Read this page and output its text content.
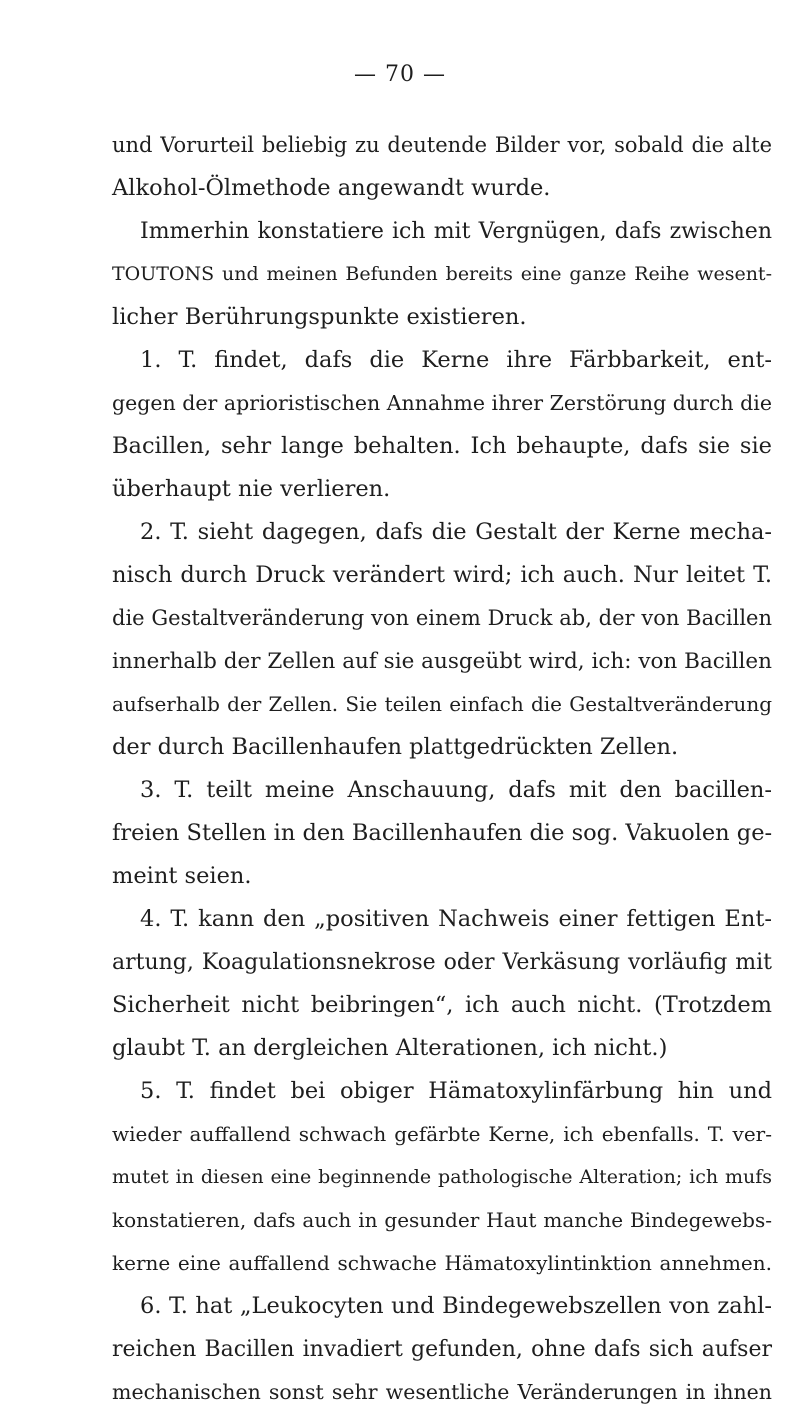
— 70 —
und Vorurteil beliebig zu deutende Bilder vor, sobald die alte
Alkohol-Ölmethode angewandt wurde.
Immerhin konstatiere ich mit Vergnügen, dafs zwischen
TOUTONS und meinen Befunden bereits eine ganze Reihe wesent-
licher Berührungspunkte existieren.
1. T. findet, dafs die Kerne ihre Färbbarkeit, ent-
gegen der aprioristischen Annahme ihrer Zerstörung durch die
Bacillen, sehr lange behalten. Ich behaupte, dafs sie sie
überhaupt nie verlieren.
2. T. sieht dagegen, dafs die Gestalt der Kerne mecha-
nisch durch Druck verändert wird; ich auch. Nur leitet T.
die Gestaltveränderung von einem Druck ab, der von Bacillen
innerhalb der Zellen auf sie ausgeübt wird, ich: von Bacillen
aufserhalb der Zellen. Sie teilen einfach die Gestaltveränderung
der durch Bacillenhaufen plattgedrückten Zellen.
3. T. teilt meine Anschauung, dafs mit den bacillen-
freien Stellen in den Bacillenhaufen die sog. Vakuolen ge-
meint seien.
4. T. kann den „positiven Nachweis einer fettigen Ent-
artung, Koagulationsnekrose oder Verkäsung vorläufig mit
Sicherheit nicht beibringen“, ich auch nicht. (Trotzdem
glaubt T. an dergleichen Alterationen, ich nicht.)
5. T. findet bei obiger Hämatoxylinfärbung hin und
wieder auffallend schwach gefärbte Kerne, ich ebenfalls. T. ver-
mutet in diesen eine beginnende pathologische Alteration; ich mufs
konstatieren, dafs auch in gesunder Haut manche Bindegewebs-
kerne eine auffallend schwache Hämatoxylintinktion annehmen.
6. T. hat „Leukocyten und Bindegewebszellen von zahl-
reichen Bacillen invadiert gefunden, ohne dafs sich aufser
mechanischen sonst sehr wesentliche Veränderungen in ihnen
